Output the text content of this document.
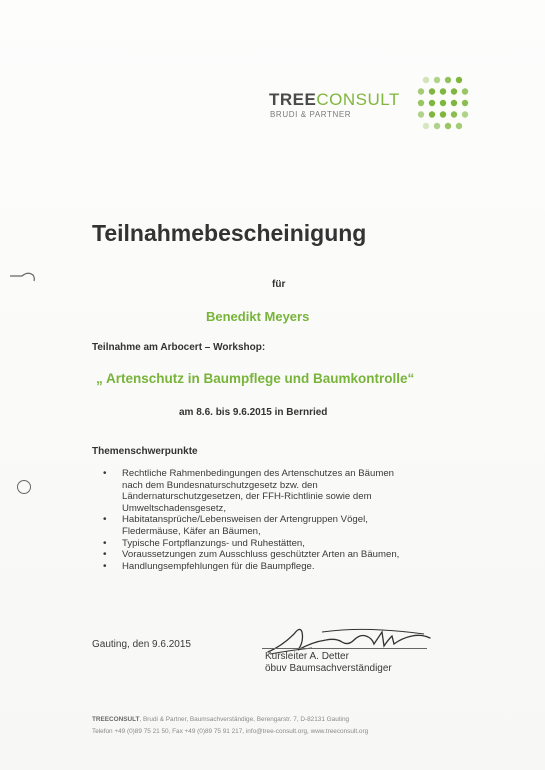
TREECONSULT
BRUDI & PARTNER
Teilnahmebescheinigung
für
Benedikt Meyers
Teilnahme am Arbocert – Workshop:
„ Artenschutz in Baumpflege und Baumkontrolle“
am 8.6. bis 9.6.2015 in Bernried
Themenschwerpunkte
• Rechtliche Rahmenbedingungen des Artenschutzes an Bäumen
nach dem Bundesnaturschutzgesetz bzw. den
Ländernaturschutzgesetzen, der FFH-Richtlinie sowie dem
Umweltschadensgesetz,
• Habitatansprüche/Lebensweisen der Artengruppen Vögel,
Fledermäuse, Käfer an Bäumen,
• Typische Fortpflanzungs- und Ruhestätten,
• Voraussetzungen zum Ausschluss geschützter Arten an Bäumen,
• Handlungsempfehlungen für die Baumpflege.
Gauting, den 9.6.2015
Kursleiter A. Detter
öbuv Baumsachverständiger
TREECONSULT, Brudi & Partner, Baumsachverständige, Berengarstr. 7, D-82131 Gauting
Telefon +49 (0)89 75 21 50, Fax +49 (0)89 75 91 217, info@tree-consult.org, www.treeconsult.org
